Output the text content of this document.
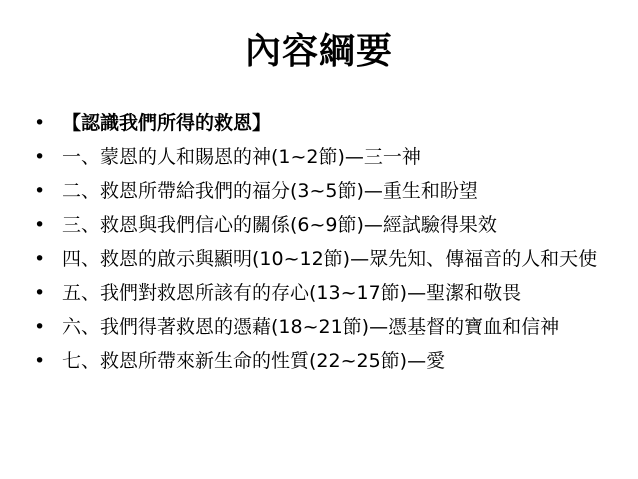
內容綱要
• 【認識我們所得的救恩】
• 一、蒙恩的人和賜恩的神(1~2節)—三一神
• 二、救恩所帶給我們的福分(3~5節)—重生和盼望
• 三、救恩與我們信心的關係(6~9節)—經試驗得果效
• 四、救恩的啟示與顯明(10~12節)—眾先知、傳福音的人和天使
• 五、我們對救恩所該有的存心(13~17節)—聖潔和敬畏
• 六、我們得著救恩的憑藉(18~21節)—憑基督的寶血和信神
• 七、救恩所帶來新生命的性質(22~25節)—愛
